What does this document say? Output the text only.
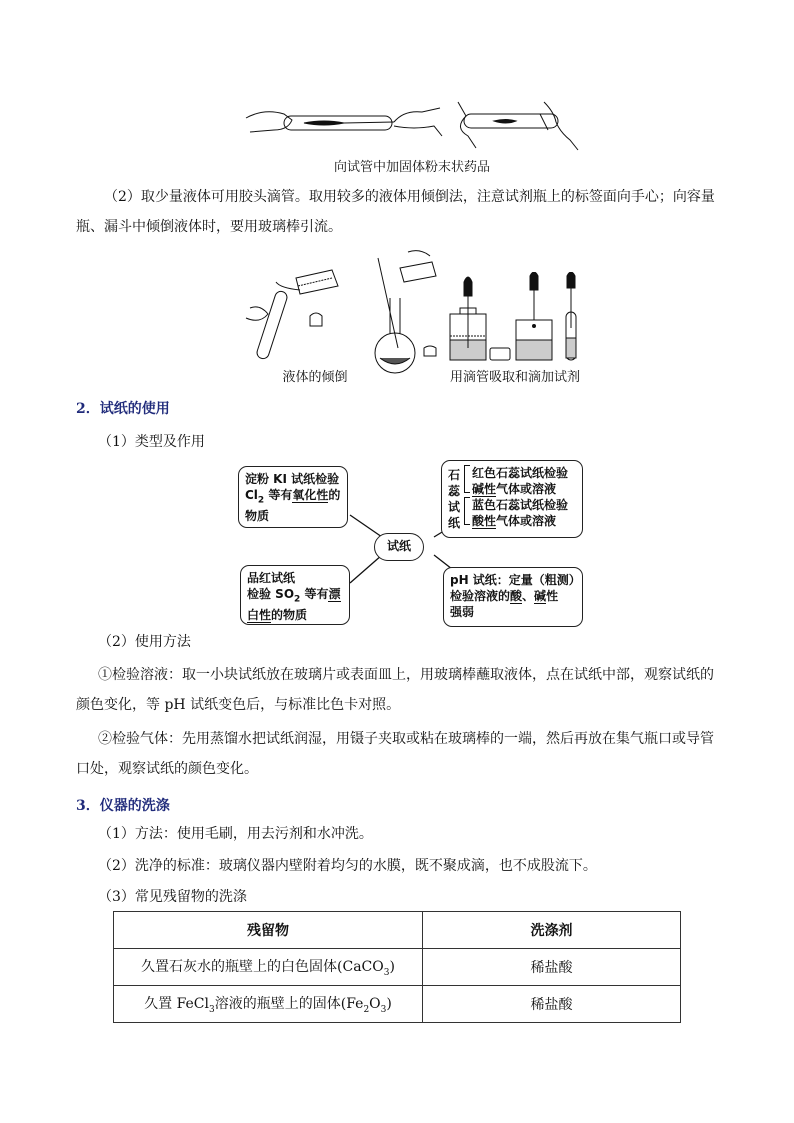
向试管中加固体粉末状药品
（2）取少量液体可用胶头滴管。取用较多的液体用倾倒法，注意试剂瓶上的标签面向手心；向容量瓶、漏斗中倾倒液体时，要用玻璃棒引流。
液体的倾倒	用滴管吸取和滴加试剂
2．试纸的使用
（1）类型及作用
试纸
淀粉 KI 试纸检验
$Cl_2$ 等有氧化性的
物质
品红试纸
检验 $SO_2$ 等有漂
白性的物质
石
蕊
试
纸
红色石蕊试纸检验
碱性气体或溶液
蓝色石蕊试纸检验
酸性气体或溶液
pH 试纸：定量（粗测）
检验溶液的酸、碱性
强弱
（2）使用方法
①检验溶液：取一小块试纸放在玻璃片或表面皿上，用玻璃棒蘸取液体，点在试纸中部，观察试纸的颜色变化，等 pH 试纸变色后，与标准比色卡对照。
②检验气体：先用蒸馏水把试纸润湿，用镊子夹取或粘在玻璃棒的一端，然后再放在集气瓶口或导管口处，观察试纸的颜色变化。
3．仪器的洗涤
（1）方法：使用毛刷，用去污剂和水冲洗。
（2）洗净的标准：玻璃仪器内壁附着均匀的水膜，既不聚成滴，也不成股流下。
（3）常见残留物的洗涤
残留物	洗涤剂
久置石灰水的瓶壁上的白色固体(CaCO$_3$)	稀盐酸
久置 FeCl$_3$溶液的瓶壁上的固体$(Fe_2O_3)$	稀盐酸
